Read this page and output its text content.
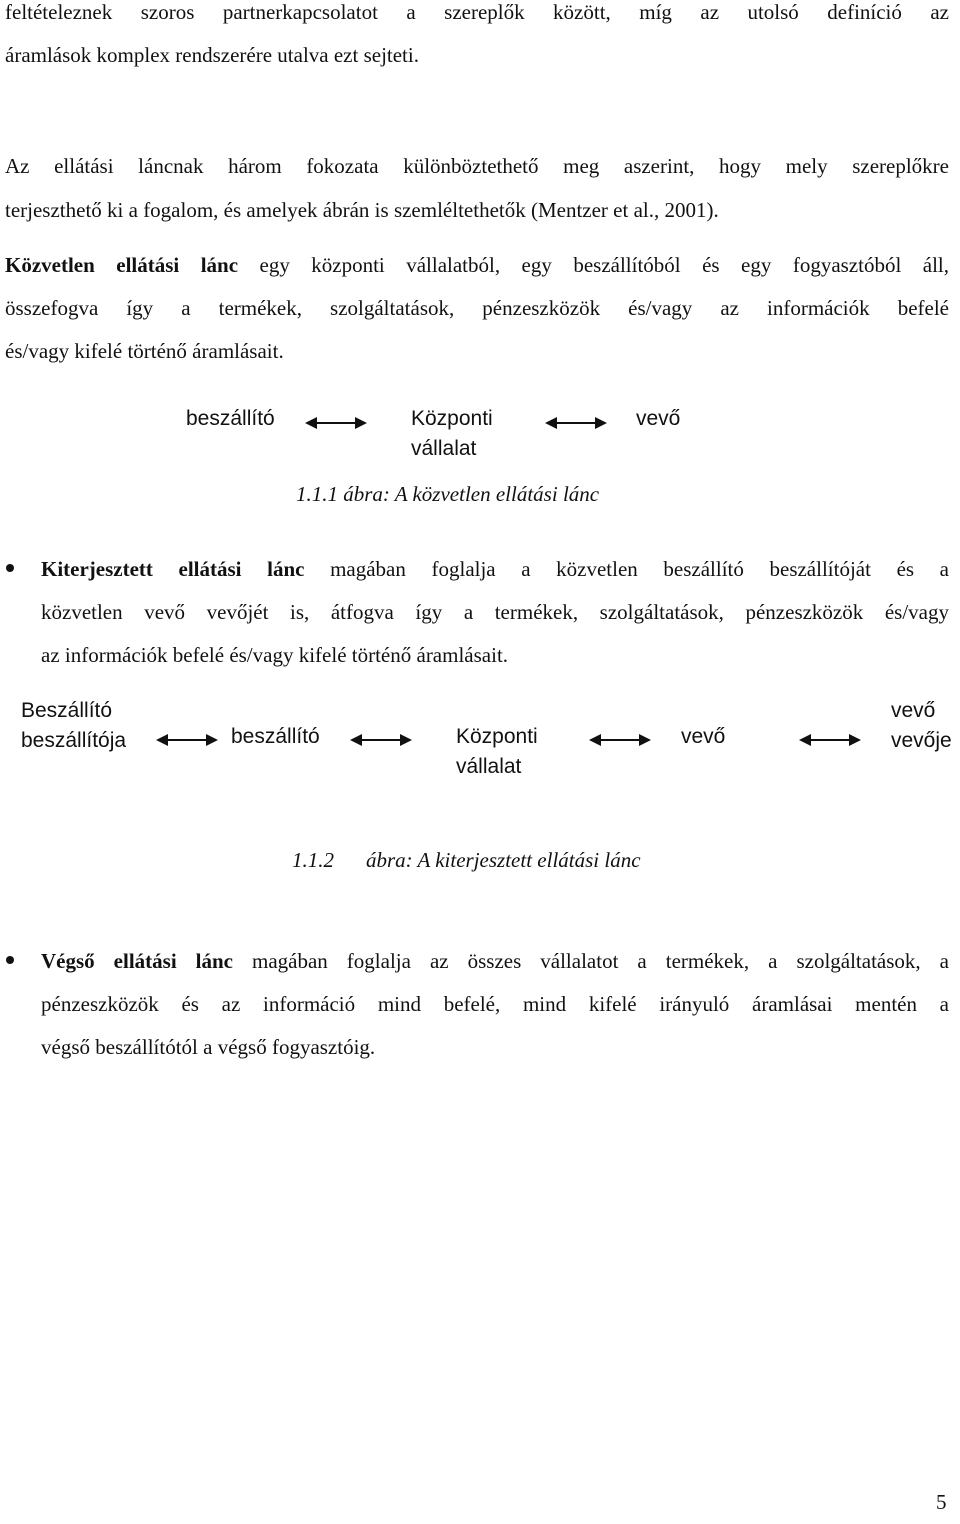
feltételeznek szoros partnerkapcsolatot a szereplők között, míg az utolsó definíció az
áramlások komplex rendszerére utalva ezt sejteti.
Az ellátási láncnak három fokozata különböztethető meg aszerint, hogy mely szereplőkre
terjeszthető ki a fogalom, és amelyek ábrán is szemléltethetők (Mentzer et al., 2001).
Közvetlen ellátási lánc egy központi vállalatból, egy beszállítóból és egy fogyasztóból áll,
összefogva így a termékek, szolgáltatások, pénzeszközök és/vagy az információk befelé
és/vagy kifelé történő áramlásait.
beszállító	Központi
vállalat
vevő
1.1.1 ábra: A közvetlen ellátási lánc
Kiterjesztett ellátási lánc magában foglalja a közvetlen beszállító beszállítóját és a
közvetlen vevő vevőjét is, átfogva így a termékek, szolgáltatások, pénzeszközök és/vagy
az információk befelé és/vagy kifelé történő áramlásait.
Beszállító
beszállítója	beszállító	Központi
vállalat
vevő
vevő
vevője
1.1.2 ábra: A kiterjesztett ellátási lánc
Végső ellátási lánc magában foglalja az összes vállalatot a termékek, a szolgáltatások, a
pénzeszközök és az információ mind befelé, mind kifelé irányuló áramlásai mentén a
végső beszállítótól a végső fogyasztóig.
5
